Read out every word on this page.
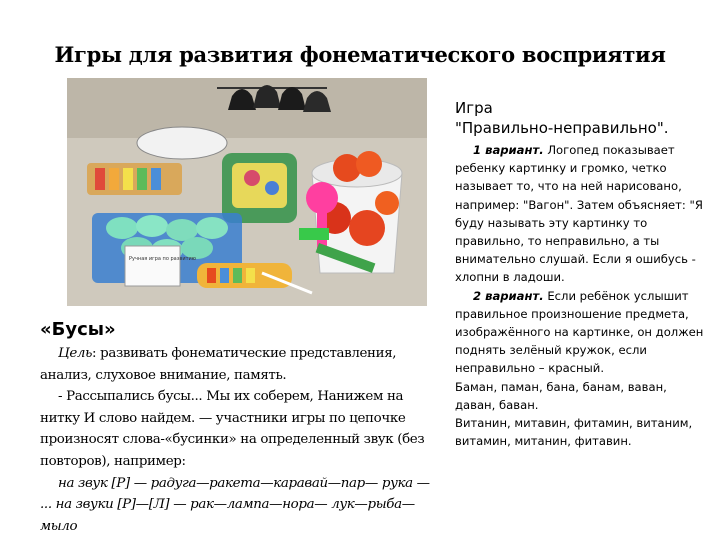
Игры для развития фонематического восприятия
Ручная игра по развитию
Игра
"Правильно-неправильно".

1 вариант. Логопед показывает ребенку картинку и громко, четко называет то, что на ней нарисовано, например: "Вагон". Затем объясняет: "Я буду называть эту картинку то правильно, то неправильно, а ты внимательно слушай. Если я ошибусь - хлопни в ладоши.

2 вариант. Если ребёнок услышит правильное произношение предмета, изображённого на картинке, он должен поднять зелёный кружок, если неправильно – красный.

Баман, паман, бана, банам, ваван, даван, баван.

Витанин, митавин, фитамин, витаним, витамин, митанин, фитавин.

«Бусы»

Цель: развивать фонематические представления, анализ, слуховое внимание, память.

- Рассыпались бусы... Мы их соберем, Нанижем на нитку И слово найдем. — участники игры по цепочке произносят слова-«бусинки» на определенный звук (без повторов), например:

на звук [Р] — радуга—ракета—каравай—пар— рука — ... на звуки [Р]—[Л] — рак—лампа—нора— лук—рыба—мыло
